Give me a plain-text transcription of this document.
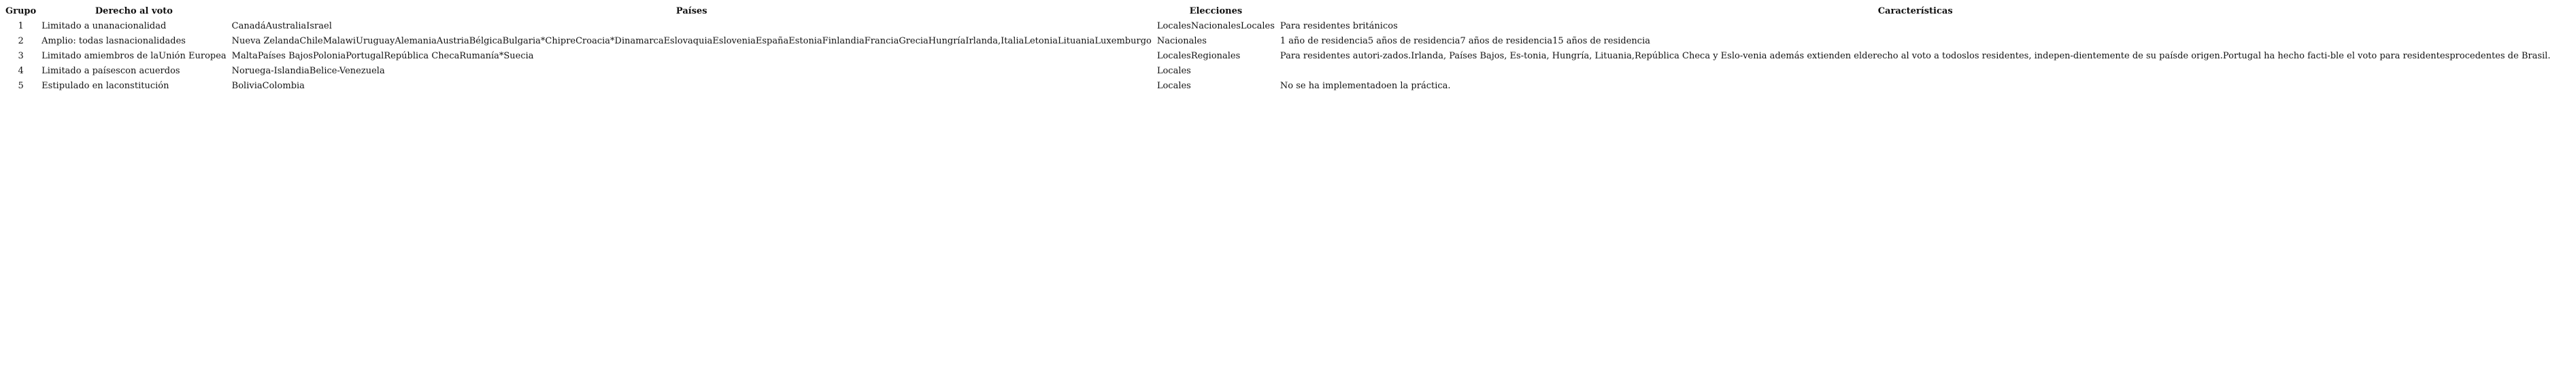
Grupo	Derecho al voto	Países	Elecciones	Características
1	Limitado a unanacionalidad	CanadáAustraliaIsrael	LocalesNacionalesLocales	Para residentes británicos
2	Amplio: todas lasnacionalidades	Nueva ZelandaChileMalawiUruguayAlemaniaAustriaBélgicaBulgaria*ChipreCroacia*DinamarcaEslovaquiaEsloveniaEspañaEstoniaFinlandiaFranciaGreciaHungríaIrlanda,ItaliaLetoniaLituaniaLuxemburgo	Nacionales	1 año de residencia5 años de residencia7 años de residencia15 años de residencia
3	Limitado amiembros de laUnión Europea	MaltaPaíses BajosPoloniaPortugalRepública ChecaRumanía*Suecia	LocalesRegionales	Para residentes autori-zados.Irlanda, Países Bajos, Es-tonia, Hungría, Lituania,República Checa y Eslo-venia además extienden elderecho al voto a todoslos residentes, indepen-dientemente de su paísde origen.Portugal ha hecho facti-ble el voto para residentesprocedentes de Brasil.
4	Limitado a paísescon acuerdos	Noruega-IslandiaBelice-Venezuela	Locales	
5	Estipulado en laconstitución	BoliviaColombia	Locales	No se ha implementadoen la práctica.
